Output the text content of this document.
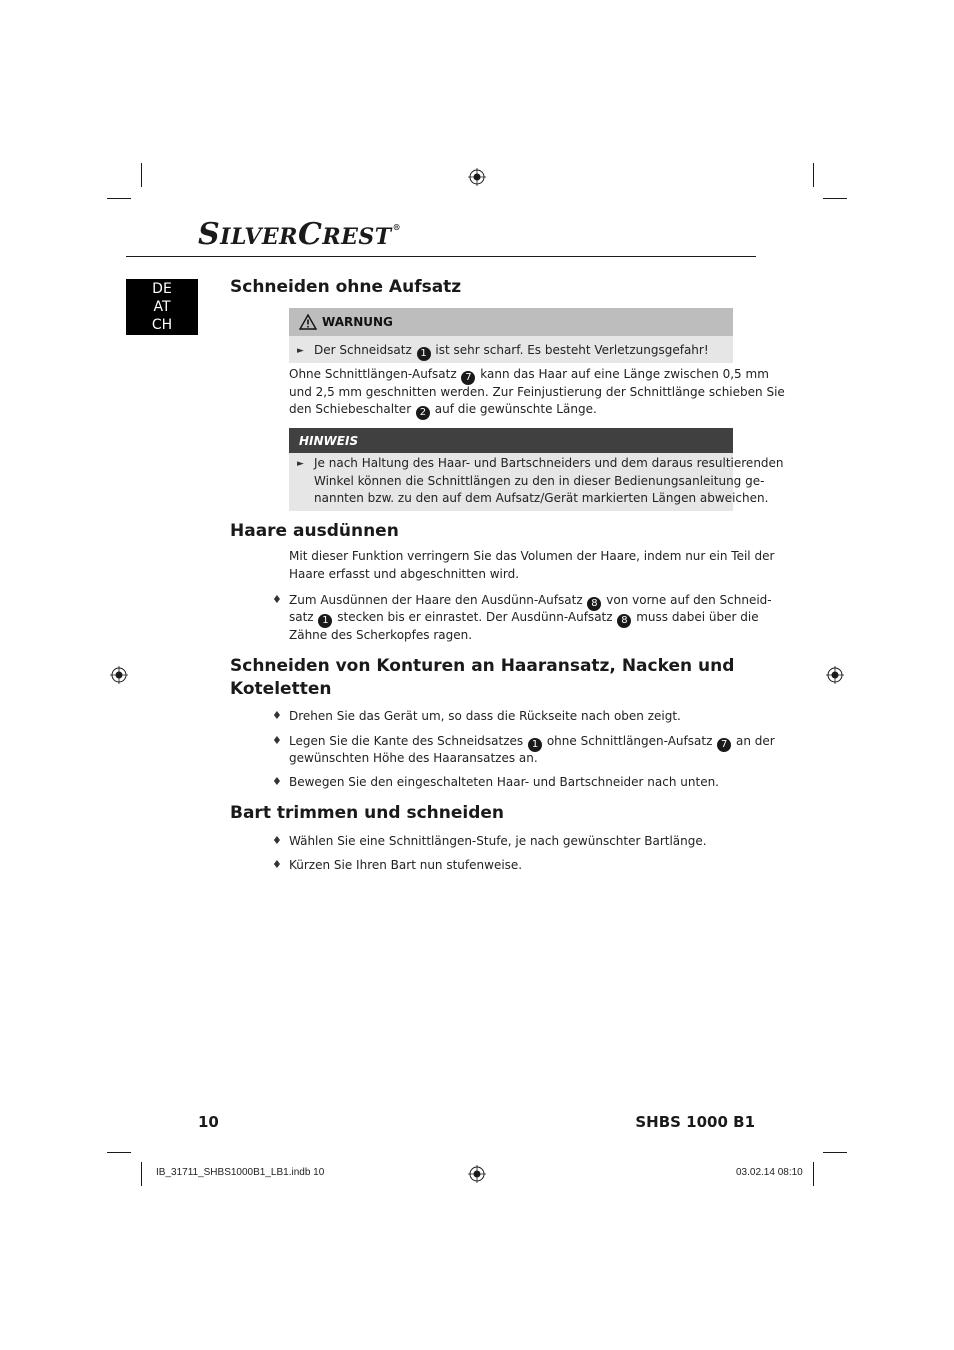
S ILVER C REST ®
DE
AT
CH
Schneiden ohne Aufsatz
WARNUNG
► Der Schneidsatz 1 ist sehr scharf. Es besteht Verletzungsgefahr!

Ohne Schnittlängen-Aufsatz 7 kann das Haar auf eine Länge zwischen 0,5 mm

und 2,5 mm geschnitten werden. Zur Feinjustierung der Schnittlänge schieben Sie

den Schiebeschalter 2 auf die gewünschte Länge.

HINWEIS
► Je nach Haltung des Haar- und Bartschneiders und dem daraus resultierenden

Winkel können die Schnittlängen zu den in dieser Bedienungsanleitung ge-

nannten bzw. zu den auf dem Aufsatz/Gerät markierten Längen abweichen.

Haare ausdünnen

Mit dieser Funktion verringern Sie das Volumen der Haare, indem nur ein Teil der

Haare erfasst und abgeschnitten wird.

♦ Zum Ausdünnen der Haare den Ausdünn-Aufsatz 8 von vorne auf den Schneid-

satz 1 stecken bis er einrastet. Der Ausdünn-Aufsatz 8 muss dabei über die

Zähne des Scherkopfes ragen.

Schneiden von Konturen an Haaransatz, Nacken und
Koteletten
♦ Drehen Sie das Gerät um, so dass die Rückseite nach oben zeigt.

♦ Legen Sie die Kante des Schneidsatzes 1 ohne Schnittlängen-Aufsatz 7 an der

gewünschten Höhe des Haaransatzes an.

♦ Bewegen Sie den eingeschalteten Haar- und Bartschneider nach unten.

Bart trimmen und schneiden
♦ Wählen Sie eine Schnittlängen-Stufe, je nach gewünschter Bartlänge.

♦ Kürzen Sie Ihren Bart nun stufenweise.

10	SHBS 1000 B1
IB_31711_SHBS1000B1_LB1.indb 10	03.02.14 08:10
